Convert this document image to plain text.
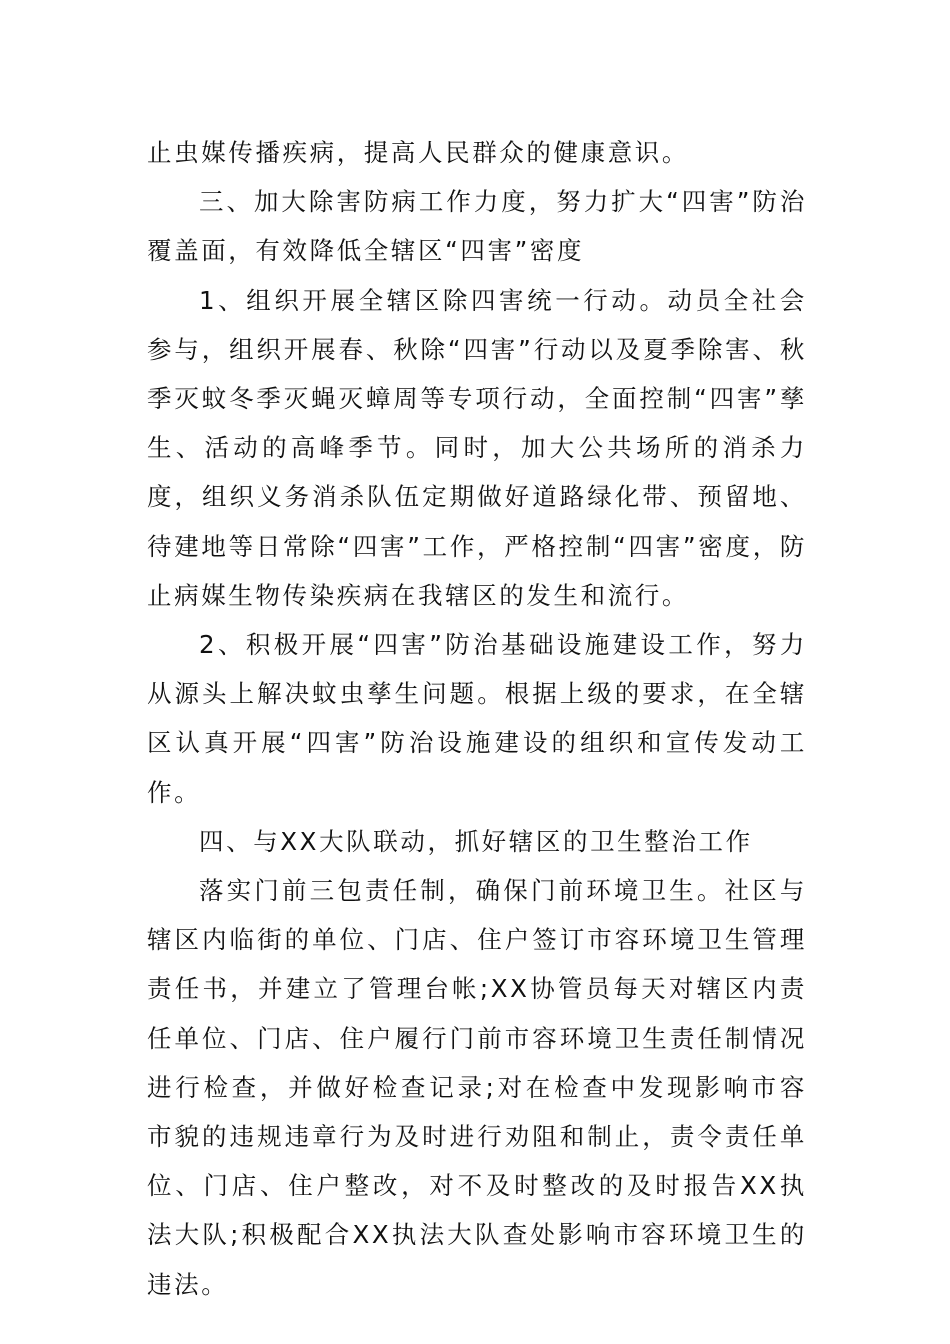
止虫媒传播疾病，提高人民群众的健康意识。

三、加大除害防病工作力度，努力扩大“四害”防治覆盖面，有效降低全辖区“四害”密度

1、组织开展全辖区除四害统一行动。动员全社会参与，组织开展春、秋除“四害”行动以及夏季除害、秋季灭蚊冬季灭蝇灭蟑周等专项行动，全面控制“四害”孳生、活动的高峰季节。同时，加大公共场所的消杀力度，组织义务消杀队伍定期做好道路绿化带、预留地、待建地等日常除“四害”工作，严格控制“四害”密度，防止病媒生物传染疾病在我辖区的发生和流行。

2、积极开展“四害”防治基础设施建设工作，努力从源头上解决蚊虫孳生问题。根据上级的要求，在全辖区认真开展“四害”防治设施建设的组织和宣传发动工作。

四、与XX大队联动，抓好辖区的卫生整治工作

落实门前三包责任制，确保门前环境卫生。社区与辖区内临街的单位、门店、住户签订市容环境卫生管理责任书，并建立了管理台帐;XX协管员每天对辖区内责任单位、门店、住户履行门前市容环境卫生责任制情况进行检查，并做好检查记录;对在检查中发现影响市容市貌的违规违章行为及时进行劝阻和制止，责令责任单位、门店、住户整改，对不及时整改的及时报告XX执法大队;积极配合XX执法大队查处影响市容环境卫生的违法。
